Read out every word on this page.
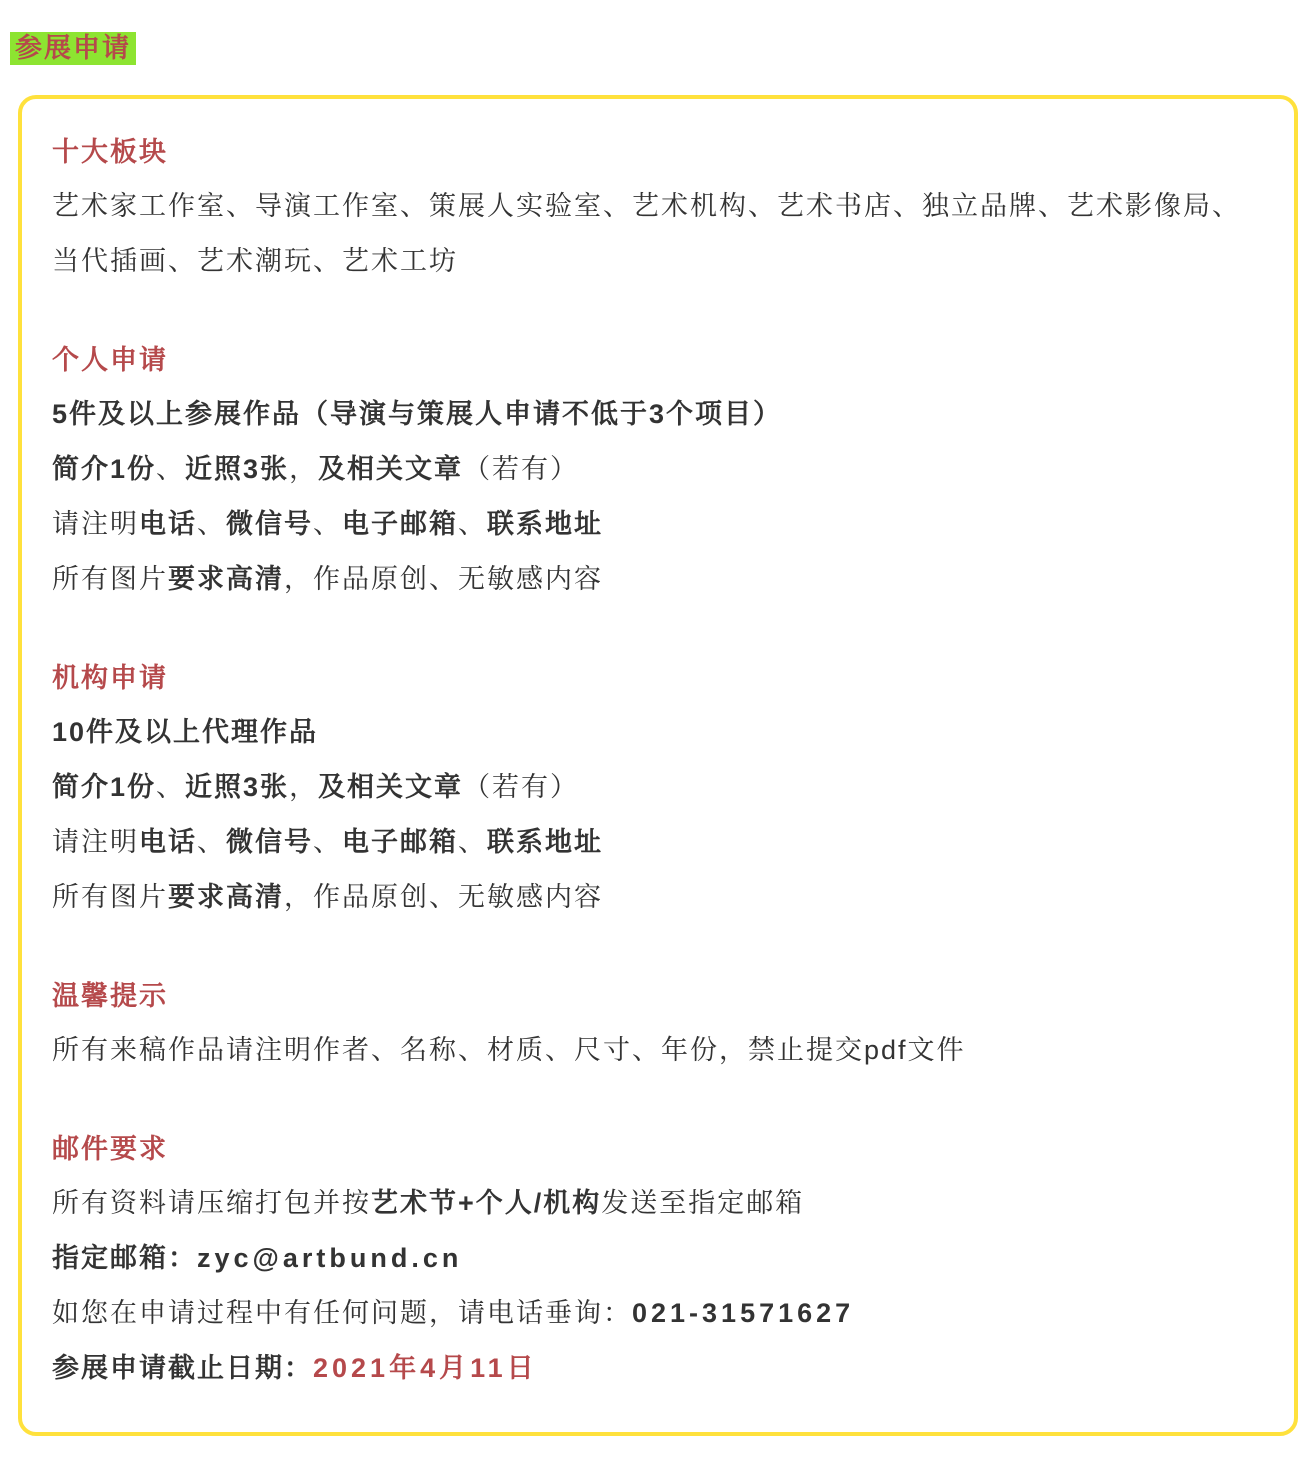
参展申请
十大板块

艺术家工作室、导演工作室、策展人实验室、艺术机构、艺术书店、独立品牌、艺术影像局、当代插画、艺术潮玩、艺术工坊

个人申请

5件及以上参展作品（导演与策展人申请不低于3个项目）

简介1份、近照3张，及相关文章（若有）

请注明电话、微信号、电子邮箱、联系地址

所有图片要求高清，作品原创、无敏感内容

机构申请

10件及以上代理作品

简介1份、近照3张，及相关文章（若有）

请注明电话、微信号、电子邮箱、联系地址

所有图片要求高清，作品原创、无敏感内容

温馨提示

所有来稿作品请注明作者、名称、材质、尺寸、年份，禁止提交pdf文件

邮件要求

所有资料请压缩打包并按艺术节+个人/机构发送至指定邮箱

指定邮箱：zyc@artbund.cn

如您在申请过程中有任何问题，请电话垂询：021-31571627

参展申请截止日期：2021年4月11日
